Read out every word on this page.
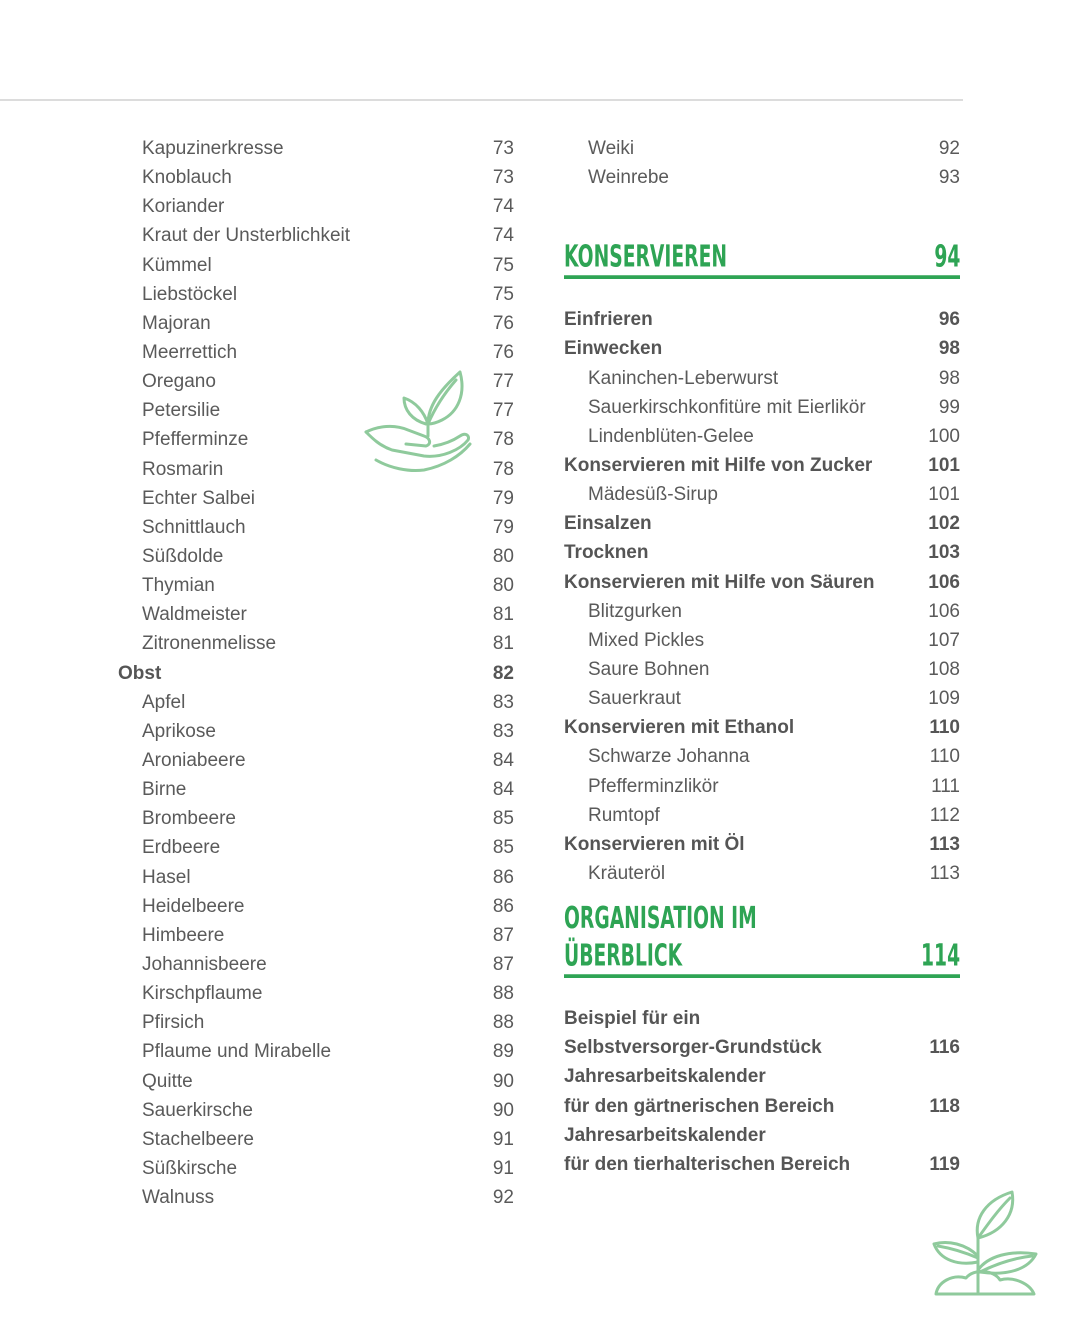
Kapuzinerkresse	73
Knoblauch	73
Koriander	74
Kraut der Unsterblichkeit	74
Kümmel	75
Liebstöckel	75
Majoran	76
Meerrettich	76
Oregano	77
Petersilie	77
Pfefferminze	78
Rosmarin	78
Echter Salbei	79
Schnittlauch	79
Süßdolde	80
Thymian	80
Waldmeister	81
Zitronenmelisse	81
Obst	82
Apfel	83
Aprikose	83
Aroniabeere	84
Birne	84
Brombeere	85
Erdbeere	85
Hasel	86
Heidelbeere	86
Himbeere	87
Johannisbeere	87
Kirschpflaume	88
Pfirsich	88
Pflaume und Mirabelle	89
Quitte	90
Sauerkirsche	90
Stachelbeere	91
Süßkirsche	91
Walnuss	92
Weiki	92
Weinrebe	93
KONSERVIEREN	94
Einfrieren	96
Einwecken	98
Kaninchen-Leberwurst	98
Sauerkirschkonfitüre mit Eierlikör	99
Lindenblüten-Gelee	100
Konservieren mit Hilfe von Zucker	101
Mädesüß-Sirup	101
Einsalzen	102
Trocknen	103
Konservieren mit Hilfe von Säuren	106
Blitzgurken	106
Mixed Pickles	107
Saure Bohnen	108
Sauerkraut	109
Konservieren mit Ethanol	110
Schwarze Johanna	110
Pfefferminzlikör	111
Rumtopf	112
Konservieren mit Öl	113
Kräuteröl	113
ORGANISATION IM ÜBERBLICK	114
Beispiel für ein
Selbstversorger-Grundstück	116
Jahresarbeitskalender
für den gärtnerischen Bereich	118
Jahresarbeitskalender
für den tierhalterischen Bereich	119
